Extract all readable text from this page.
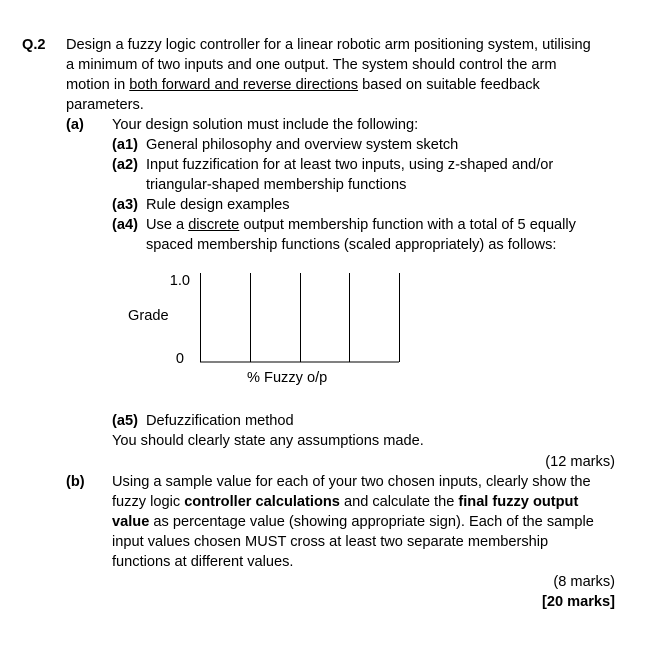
Q.2 Design a fuzzy logic controller for a linear robotic arm positioning system, utilising
a minimum of two inputs and one output. The system should control the arm
motion in both forward and reverse directions based on suitable feedback
parameters.
(a) Your design solution must include the following:
(a1) General philosophy and overview system sketch
(a2) Input fuzzification for at least two inputs, using z-shaped and/or
triangular-shaped membership functions
(a3) Rule design examples
(a4) Use a discrete output membership function with a total of 5 equally
spaced membership functions (scaled appropriately) as follows:
1.0
Grade
0
% Fuzzy o/p
(a5) Defuzzification method
You should clearly state any assumptions made.
(12 marks)
(b) Using a sample value for each of your two chosen inputs, clearly show the
fuzzy logic controller calculations and calculate the final fuzzy output
value as percentage value (showing appropriate sign). Each of the sample
input values chosen MUST cross at least two separate membership
functions at different values.
(8 marks)
[20 marks]
